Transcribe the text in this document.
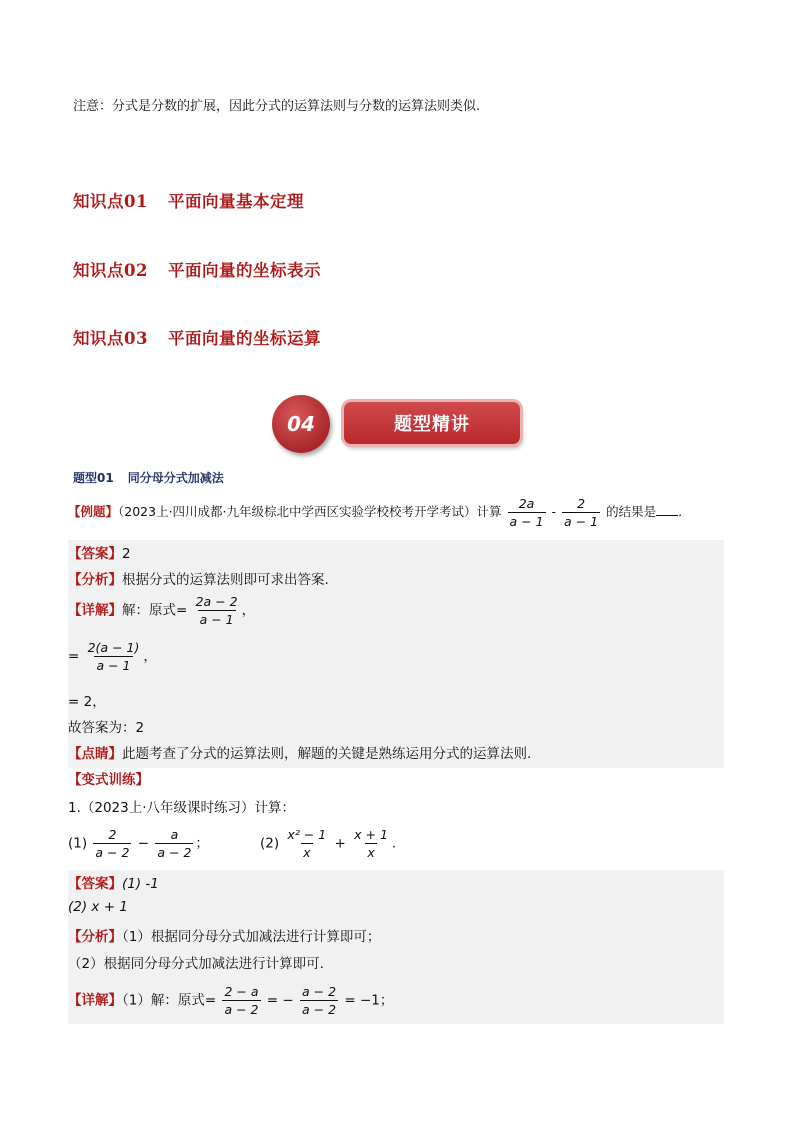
注意：分式是分数的扩展，因此分式的运算法则与分数的运算法则类似.
知识点01 平面向量基本定理
知识点02 平面向量的坐标表示
知识点03 平面向量的坐标运算
04	题型精讲
题型01 同分母分式加减法
【例题】（2023上·四川成都·九年级棕北中学西区实验学校校考开学考试）计算 $\frac{2a}{a - 1} - \frac{2}{a - 1}$ 的结果是 .
【答案】2
【分析】根据分式的运算法则即可求出答案.
【详解】解：原式= $\frac{2a - 2}{a - 1}$ ，
= $\frac{2(a - 1)}{a - 1}$ ，
= 2，
故答案为：2
【点睛】此题考查了分式的运算法则，解题的关键是熟练运用分式的运算法则.
【变式训练】
1.（2023上·八年级课时练习）计算：
$(1) \frac{2}{a - 2} - \frac{a}{a - 2}$ ；	$(2) \frac{\text{x² − 1}}{x} + \frac{x + 1}{x}$ .
【答案】(1) -1
(2) x + 1
【分析】（1）根据同分母分式加减法进行计算即可；
（2）根据同分母分式加减法进行计算即可.
【详解】（1）解：原式= $\frac{2 - a}{a - 2}$ = − $\frac{a - 2}{a - 2} = -1$；
